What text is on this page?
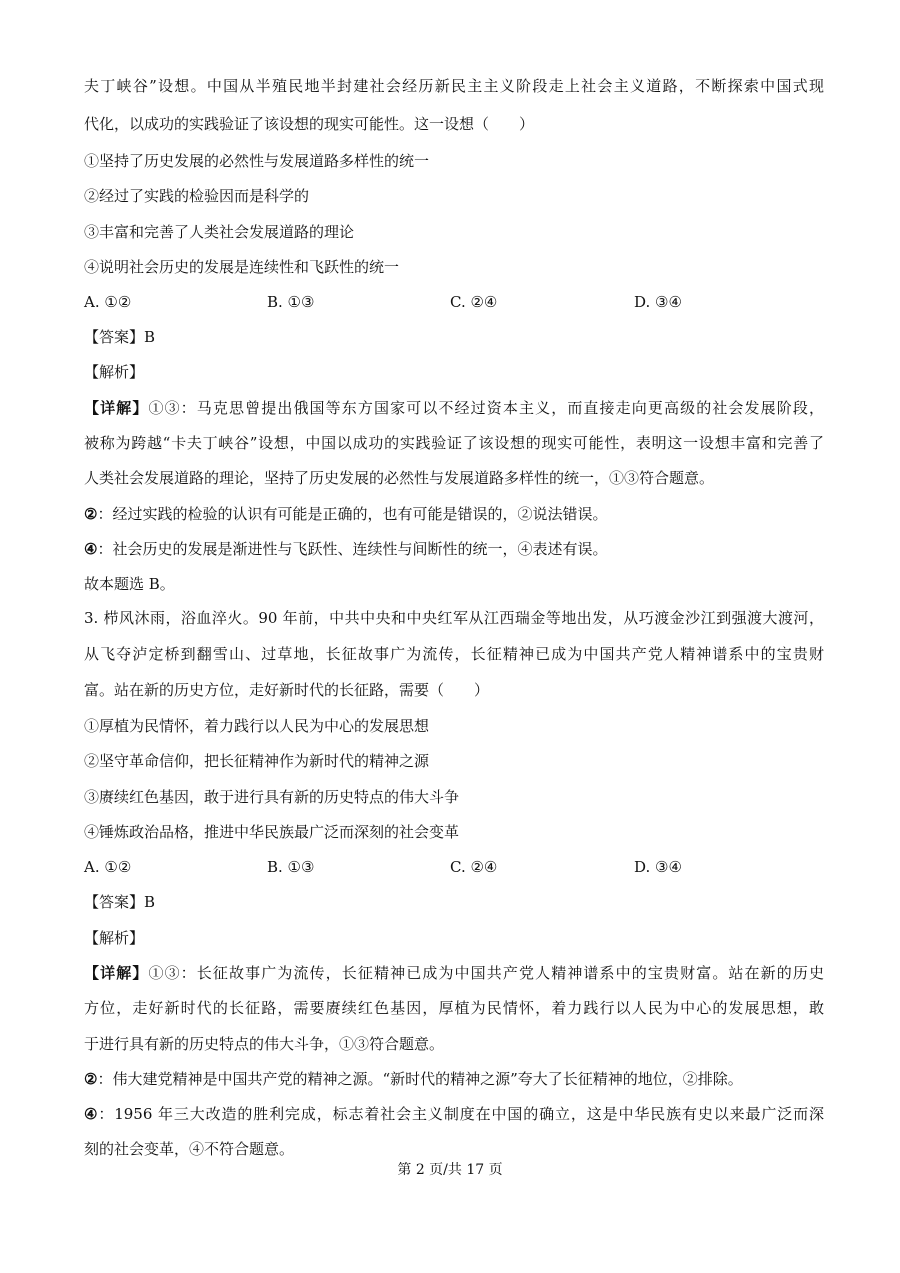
夫丁峡谷”设想。中国从半殖民地半封建社会经历新民主主义阶段走上社会主义道路，不断探索中国式现
代化，以成功的实践验证了该设想的现实可能性。这一设想（　　）
①坚持了历史发展的必然性与发展道路多样性的统一
②经过了实践的检验因而是科学的
③丰富和完善了人类社会发展道路的理论
④说明社会历史的发展是连续性和飞跃性的统一
A. ①②	B. ①③	C. ②④	D. ③④
【答案】B
【解析】
【详解】①③：马克思曾提出俄国等东方国家可以不经过资本主义，而直接走向更高级的社会发展阶段，
被称为跨越“卡夫丁峡谷”设想，中国以成功的实践验证了该设想的现实可能性，表明这一设想丰富和完善了
人类社会发展道路的理论，坚持了历史发展的必然性与发展道路多样性的统一，①③符合题意。
②：经过实践的检验的认识有可能是正确的，也有可能是错误的，②说法错误。
④：社会历史的发展是渐进性与飞跃性、连续性与间断性的统一，④表述有误。
故本题选 B。
3. 栉风沐雨，浴血淬火。90 年前，中共中央和中央红军从江西瑞金等地出发，从巧渡金沙江到强渡大渡河，
从飞夺泸定桥到翻雪山、过草地，长征故事广为流传，长征精神已成为中国共产党人精神谱系中的宝贵财
富。站在新的历史方位，走好新时代的长征路，需要（　　）
①厚植为民情怀，着力践行以人民为中心的发展思想
②坚守革命信仰，把长征精神作为新时代的精神之源
③赓续红色基因，敢于进行具有新的历史特点的伟大斗争
④锤炼政治品格，推进中华民族最广泛而深刻的社会变革
A. ①②	B. ①③	C. ②④	D. ③④
【答案】B
【解析】
【详解】①③：长征故事广为流传，长征精神已成为中国共产党人精神谱系中的宝贵财富。站在新的历史
方位，走好新时代的长征路，需要赓续红色基因，厚植为民情怀，着力践行以人民为中心的发展思想，敢
于进行具有新的历史特点的伟大斗争，①③符合题意。
②：伟大建党精神是中国共产党的精神之源。“新时代的精神之源”夸大了长征精神的地位，②排除。
④：1956 年三大改造的胜利完成，标志着社会主义制度在中国的确立，这是中华民族有史以来最广泛而深
刻的社会变革，④不符合题意。
第 2 页/共 17 页
